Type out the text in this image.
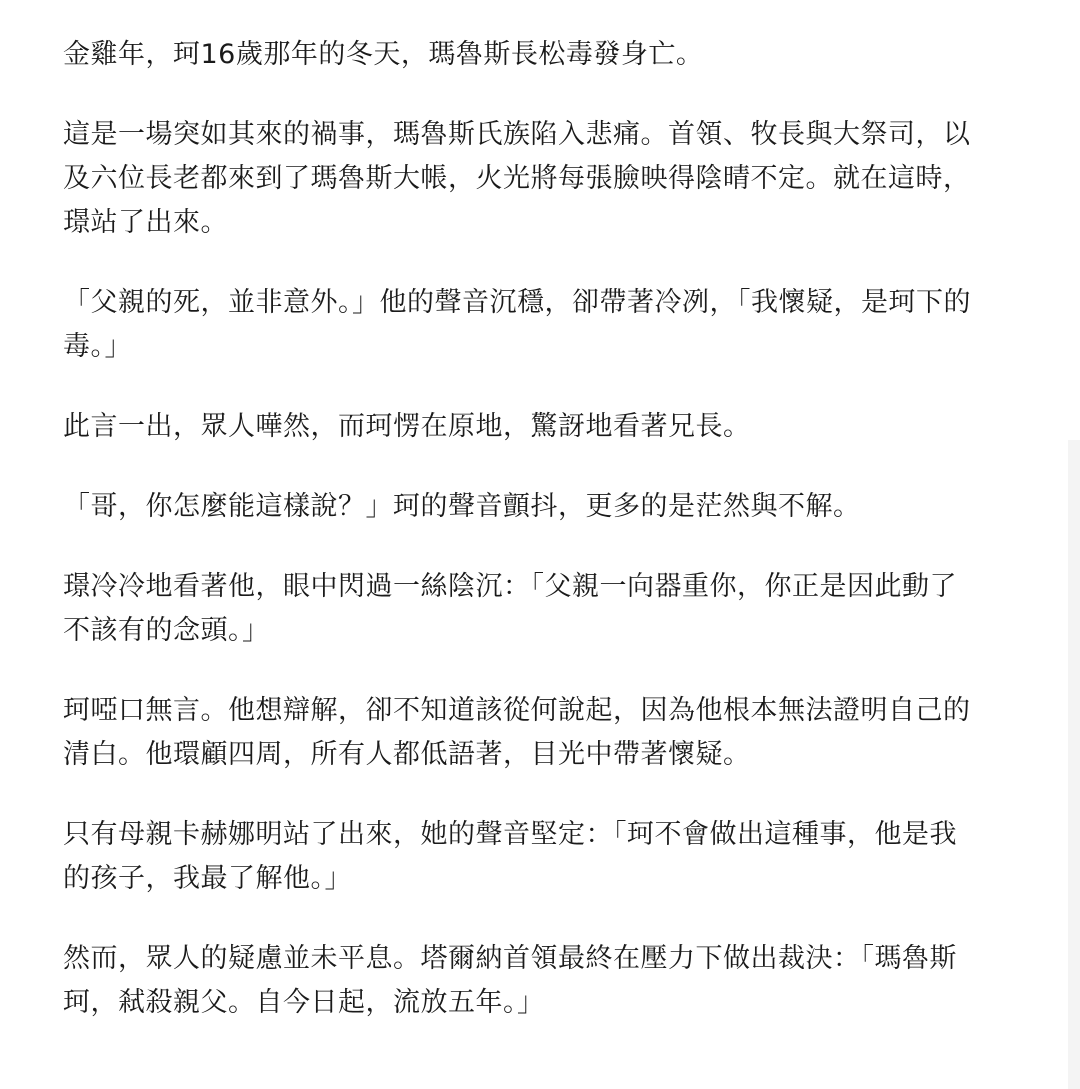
金雞年，珂16歲那年的冬天，瑪魯斯長松毒發身亡。

這是一場突如其來的禍事，瑪魯斯氏族陷入悲痛。首領、牧長與大祭司，以
及六位長老都來到了瑪魯斯大帳，火光將每張臉映得陰晴不定。就在這時，
璟站了出來。

「父親的死，並非意外。」他的聲音沉穩，卻帶著冷冽，「我懷疑，是珂下的
毒。」

此言一出，眾人嘩然，而珂愣在原地，驚訝地看著兄長。

「哥，你怎麼能這樣說？」珂的聲音顫抖，更多的是茫然與不解。

璟冷冷地看著他，眼中閃過一絲陰沉：「父親一向器重你，你正是因此動了
不該有的念頭。」

珂啞口無言。他想辯解，卻不知道該從何說起，因為他根本無法證明自己的
清白。他環顧四周，所有人都低語著，目光中帶著懷疑。

只有母親卡赫娜明站了出來，她的聲音堅定：「珂不會做出這種事，他是我
的孩子，我最了解他。」

然而，眾人的疑慮並未平息。塔爾納首領最終在壓力下做出裁決：「瑪魯斯
珂，弒殺親父。自今日起，流放五年。」
